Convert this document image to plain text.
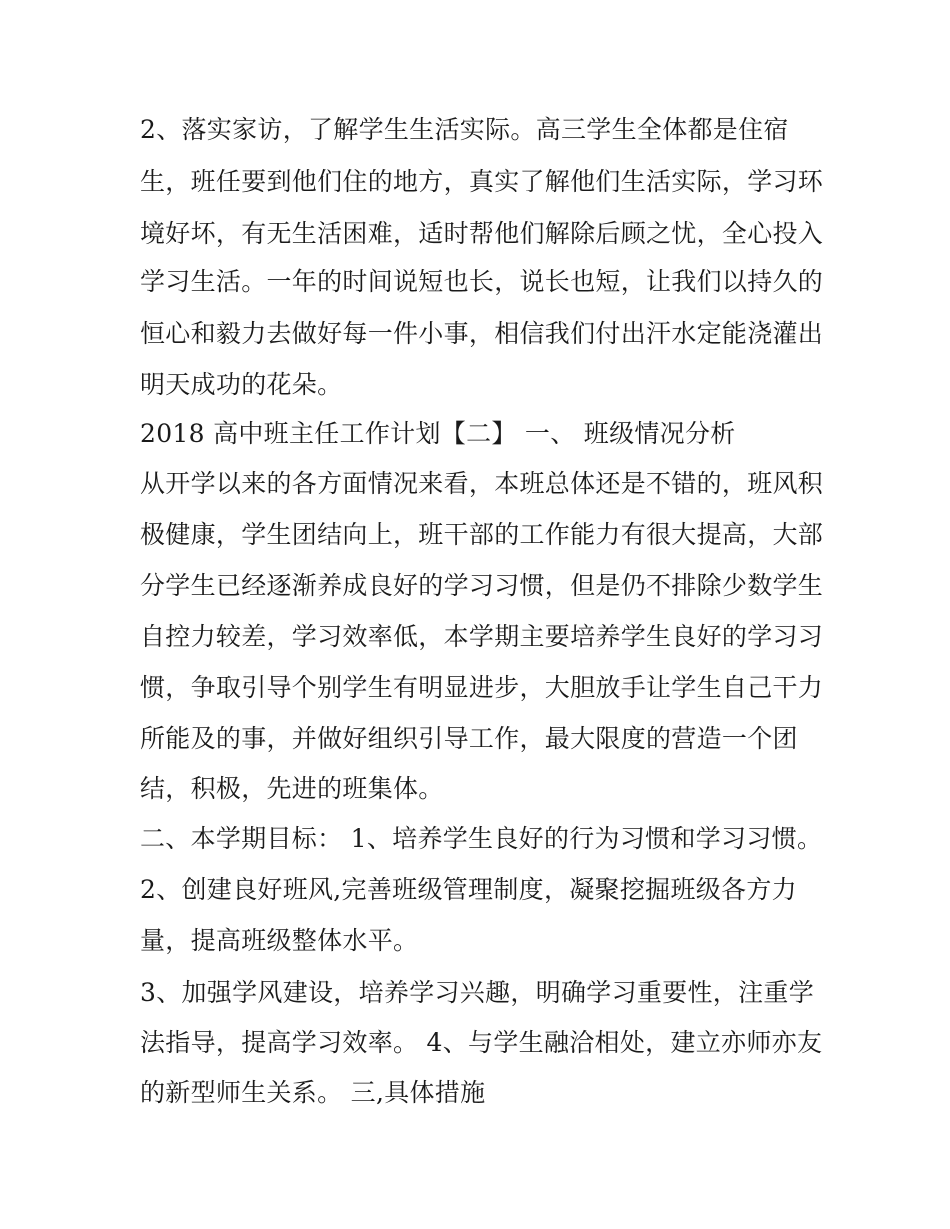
2、落实家访，了解学生生活实际。高三学生全体都是住宿
生，班任要到他们住的地方，真实了解他们生活实际，学习环
境好坏，有无生活困难，适时帮他们解除后顾之忧，全心投入
学习生活。一年的时间说短也长，说长也短，让我们以持久的
恒心和毅力去做好每一件小事，相信我们付出汗水定能浇灌出
明天成功的花朵。
2018 高中班主任工作计划【二】 一、 班级情况分析
从开学以来的各方面情况来看，本班总体还是不错的，班风积
极健康，学生团结向上，班干部的工作能力有很大提高，大部
分学生已经逐渐养成良好的学习习惯，但是仍不排除少数学生
自控力较差，学习效率低，本学期主要培养学生良好的学习习
惯，争取引导个别学生有明显进步，大胆放手让学生自己干力
所能及的事，并做好组织引导工作，最大限度的营造一个团
结，积极，先进的班集体。
二、本学期目标： 1、培养学生良好的行为习惯和学习习惯。
2、创建良好班风,完善班级管理制度，凝聚挖掘班级各方力
量，提高班级整体水平。
3、加强学风建设，培养学习兴趣，明确学习重要性，注重学
法指导，提高学习效率。 4、与学生融洽相处，建立亦师亦友
的新型师生关系。 三,具体措施
